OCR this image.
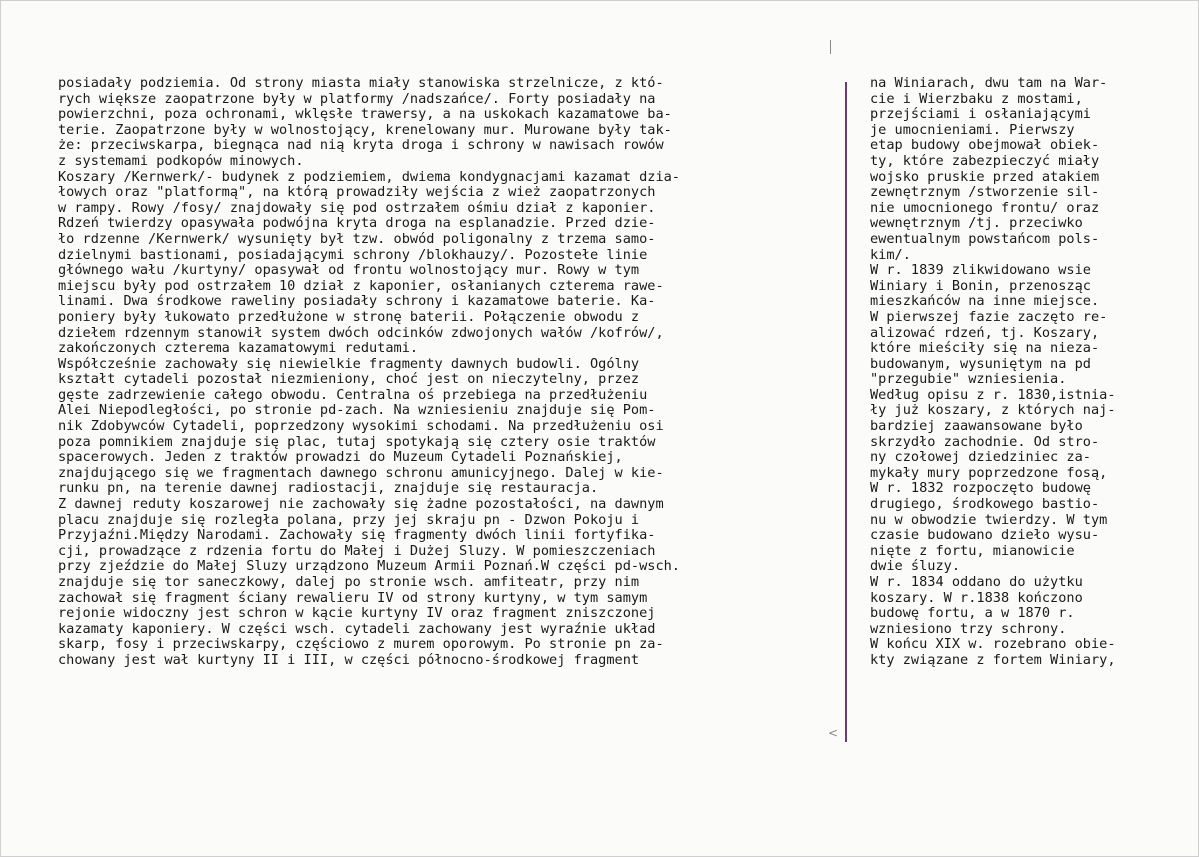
posiadały podziemia. Od strony miasta miały stanowiska strzelnicze, z któ-
rych większe zaopatrzone były w platformy /nadszańce/. Forty posiadały na
powierzchni, poza ochronami, wklęsłe trawersy, a na uskokach kazamatowe ba-
terie. Zaopatrzone były w wolnostojący, krenelowany mur. Murowane były tak-
że: przeciwskarpa, biegnąca nad nią kryta droga i schrony w nawisach rowów
z systemami podkopów minowych.
Koszary /Kernwerk/- budynek z podziemiem, dwiema kondygnacjami kazamat dzia-
łowych oraz "platformą", na którą prowadziły wejścia z wież zaopatrzonych
w rampy. Rowy /fosy/ znajdowały się pod ostrzałem ośmiu dział z kaponier.
Rdzeń twierdzy opasywała podwójna kryta droga na esplanadzie. Przed dzie-
ło rdzenne /Kernwerk/ wysunięty był tzw. obwód poligonalny z trzema samo-
dzielnymi bastionami, posiadającymi schrony /blokhauzy/. Pozostełe linie
głównego wału /kurtyny/ opasywał od frontu wolnostojący mur. Rowy w tym
miejscu były pod ostrzałem 10 dział z kaponier, osłanianych czterema rawe-
linami. Dwa środkowe raweliny posiadały schrony i kazamatowe baterie. Ka-
poniery były łukowato przedłużone w stronę baterii. Połączenie obwodu z
dziełem rdzennym stanowił system dwóch odcinków zdwojonych wałów /kofrów/,
zakończonych czterema kazamatowymi redutami.
Współcześnie zachowały się niewielkie fragmenty dawnych budowli. Ogólny
kształt cytadeli pozostał niezmieniony, choć jest on nieczytelny, przez
gęste zadrzewienie całego obwodu. Centralna oś przebiega na przedłużeniu
Alei Niepodległości, po stronie pd-zach. Na wzniesieniu znajduje się Pom-
nik Zdobywców Cytadeli, poprzedzony wysokimi schodami. Na przedłużeniu osi
poza pomnikiem znajduje się plac, tutaj spotykają się cztery osie traktów
spacerowych. Jeden z traktów prowadzi do Muzeum Cytadeli Poznańskiej,
znajdującego się we fragmentach dawnego schronu amunicyjnego. Dalej w kie-
runku pn, na terenie dawnej radiostacji, znajduje się restauracja.
Z dawnej reduty koszarowej nie zachowały się żadne pozostałości, na dawnym
placu znajduje się rozległa polana, przy jej skraju pn - Dzwon Pokoju i
Przyjaźni.Między Narodami. Zachowały się fragmenty dwóch linii fortyfika-
cji, prowadzące z rdzenia fortu do Małej i Dużej Sluzy. W pomieszczeniach
przy zjeździe do Małej Sluzy urządzono Muzeum Armii Poznań.W części pd-wsch.
znajduje się tor saneczkowy, dalej po stronie wsch. amfiteatr, przy nim
zachował się fragment ściany rewalieru IV od strony kurtyny, w tym samym
rejonie widoczny jest schron w kącie kurtyny IV oraz fragment zniszczonej
kazamaty kaponiery. W części wsch. cytadeli zachowany jest wyraźnie układ
skarp, fosy i przeciwskarpy, częściowo z murem oporowym. Po stronie pn za-
chowany jest wał kurtyny II i III, w części północno-środkowej fragment
na Winiarach, dwu tam na War-
cie i Wierzbaku z mostami,
przejściami i osłaniającymi
je umocnieniami. Pierwszy
etap budowy obejmował obiek-
ty, które zabezpieczyć miały
wojsko pruskie przed atakiem
zewnętrznym /stworzenie sil-
nie umocnionego frontu/ oraz
wewnętrznym /tj. przeciwko
ewentualnym powstańcom pols-
kim/.
W r. 1839 zlikwidowano wsie
Winiary i Bonin, przenosząc
mieszkańców na inne miejsce.
W pierwszej fazie zaczęto re-
alizować rdzeń, tj. Koszary,
które mieściły się na nieza-
budowanym, wysuniętym na pd
"przegubie" wzniesienia.
Według opisu z r. 1830,istnia-
ły już koszary, z których naj-
bardziej zaawansowane było
skrzydło zachodnie. Od stro-
ny czołowej dziedziniec za-
mykały mury poprzedzone fosą,
W r. 1832 rozpoczęto budowę
drugiego, środkowego bastio-
nu w obwodzie twierdzy. W tym
czasie budowano dzieło wysu-
nięte z fortu, mianowicie
dwie śluzy.
W r. 1834 oddano do użytku
koszary. W r.1838 kończono
budowę fortu, a w 1870 r.
wzniesiono trzy schrony.
W końcu XIX w. rozebrano obie-
kty związane z fortem Winiary,
<
